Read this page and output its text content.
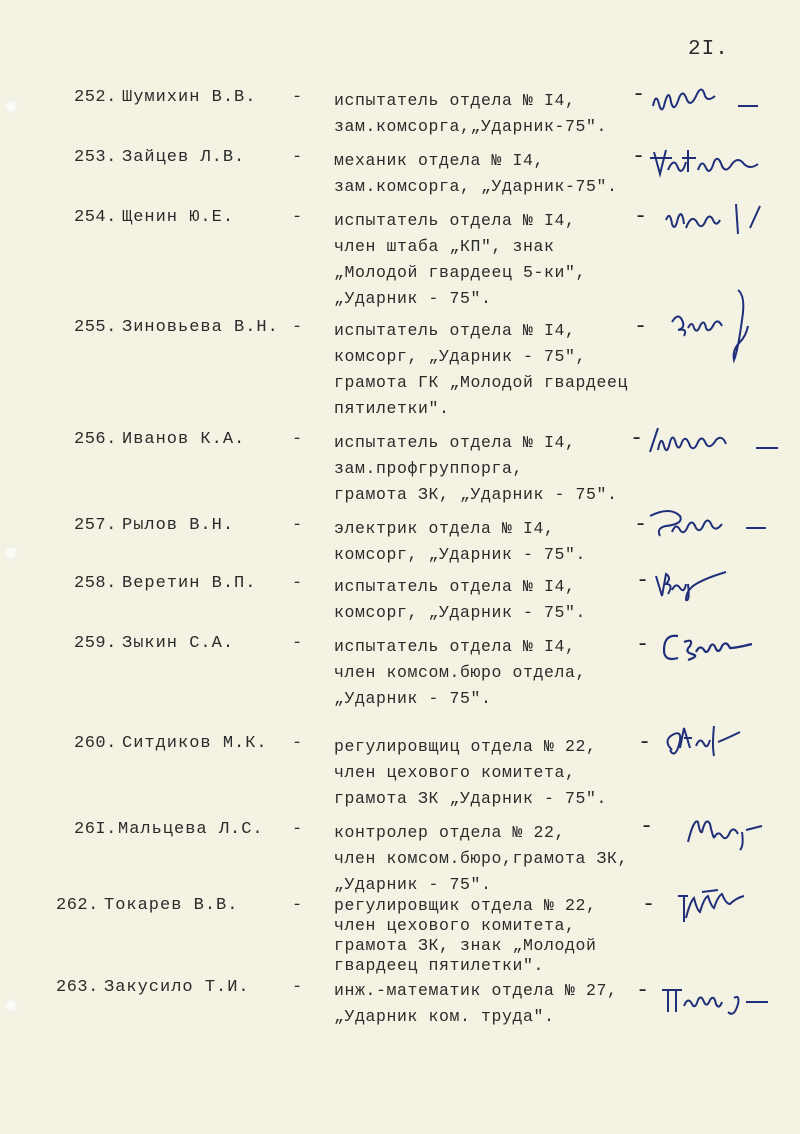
2I.
252. Шумихин В.В. - испытатель отдела № I4,
зам.комсорга,„Ударник-75".
-
253. Зайцев Л.В.	- механик отдела № I4,
зам.комсорга, „Ударник-75".
-
254. Щенин Ю.Е.	- испытатель отдела № I4,
член штаба „КП", знак
„Молодой гвардеец 5-ки",
„Ударник - 75".
-
255. Зиновьева В.Н. - испытатель отдела № I4,
комсорг, „Ударник - 75",
грамота ГК „Молодой гвардеец
пятилетки".
-
256. Иванов К.А.	- испытатель отдела № I4,
зам.профгруппорга,
грамота ЗК, „Ударник - 75".
-
257. Рылов В.Н.	- электрик отдела № I4,
комсорг, „Ударник - 75".
-
258. Веретин В.П. - испытатель отдела № I4,
комсорг, „Ударник - 75".
-
259. Зыкин С.А.	- испытатель отдела № I4,
член комсом.бюро отдела,
„Ударник - 75".
-
260. Ситдиков М.К. - регулировщиц отдела № 22,
член цехового комитета,
грамота ЗК „Ударник - 75".
-
26I. Мальцева Л.С. - контролер отдела № 22,
член комсом.бюро,грамота ЗК,
„Ударник - 75".
-
262. Токарев В.В.	- регулировщик отдела № 22,
член цехового комитета,
грамота ЗК, знак „Молодой
гвардеец пятилетки".
-
263. Закусило Т.И. - инж.-математик отдела № 27,
„Ударник ком. труда".
-
